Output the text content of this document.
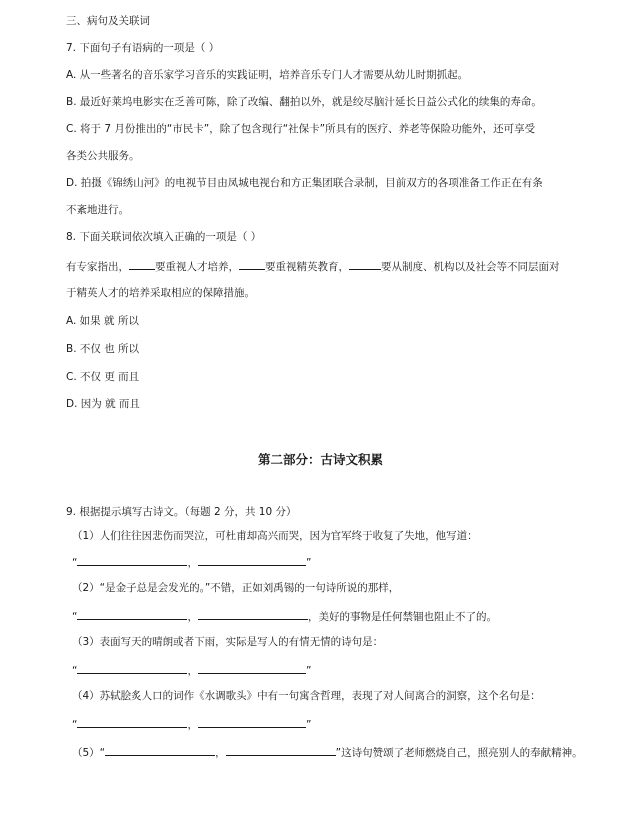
三、病句及关联词
7. 下面句子有语病的一项是（ ）
A. 从一些著名的音乐家学习音乐的实践证明，培养音乐专门人才需要从幼儿时期抓起。
B. 最近好莱坞电影实在乏善可陈，除了改编、翻拍以外，就是绞尽脑汁延长日益公式化的续集的寿命。
C. 将于 7 月份推出的“市民卡”，除了包含现行“社保卡”所具有的医疗、养老等保险功能外，还可享受
各类公共服务。
D. 拍摄《锦绣山河》的电视节目由凤城电视台和方正集团联合录制，目前双方的各项准备工作正在有条
不紊地进行。
8. 下面关联词依次填入正确的一项是（ ）
有专家指出， 要重视人才培养， 要重视精英教育，	要从制度、机构以及社会等不同层面对
于精英人才的培养采取相应的保障措施。
A. 如果 就 所以
B. 不仅 也 所以
C. 不仅 更 而且
D. 因为 就 而且
第二部分：古诗文积累
9. 根据提示填写古诗文。（每题 2 分，共 10 分）
（1）人们往往因悲伤而哭泣，可杜甫却高兴而哭，因为官军终于收复了失地，他写道：
“	，	”
（2）“是金子总是会发光的。”不错，正如刘禹锡的一句诗所说的那样，
“	，	，美好的事物是任何禁锢也阻止不了的。
（3）表面写天的晴朗或者下雨，实际是写人的有情无情的诗句是：
“	，	”
（4）苏轼脍炙人口的词作《水调歌头》中有一句寓含哲理，表现了对人间离合的洞察，这个名句是：
“	，	”
（5）“	，	”这诗句赞颂了老师燃烧自己，照亮别人的奉献精神。
